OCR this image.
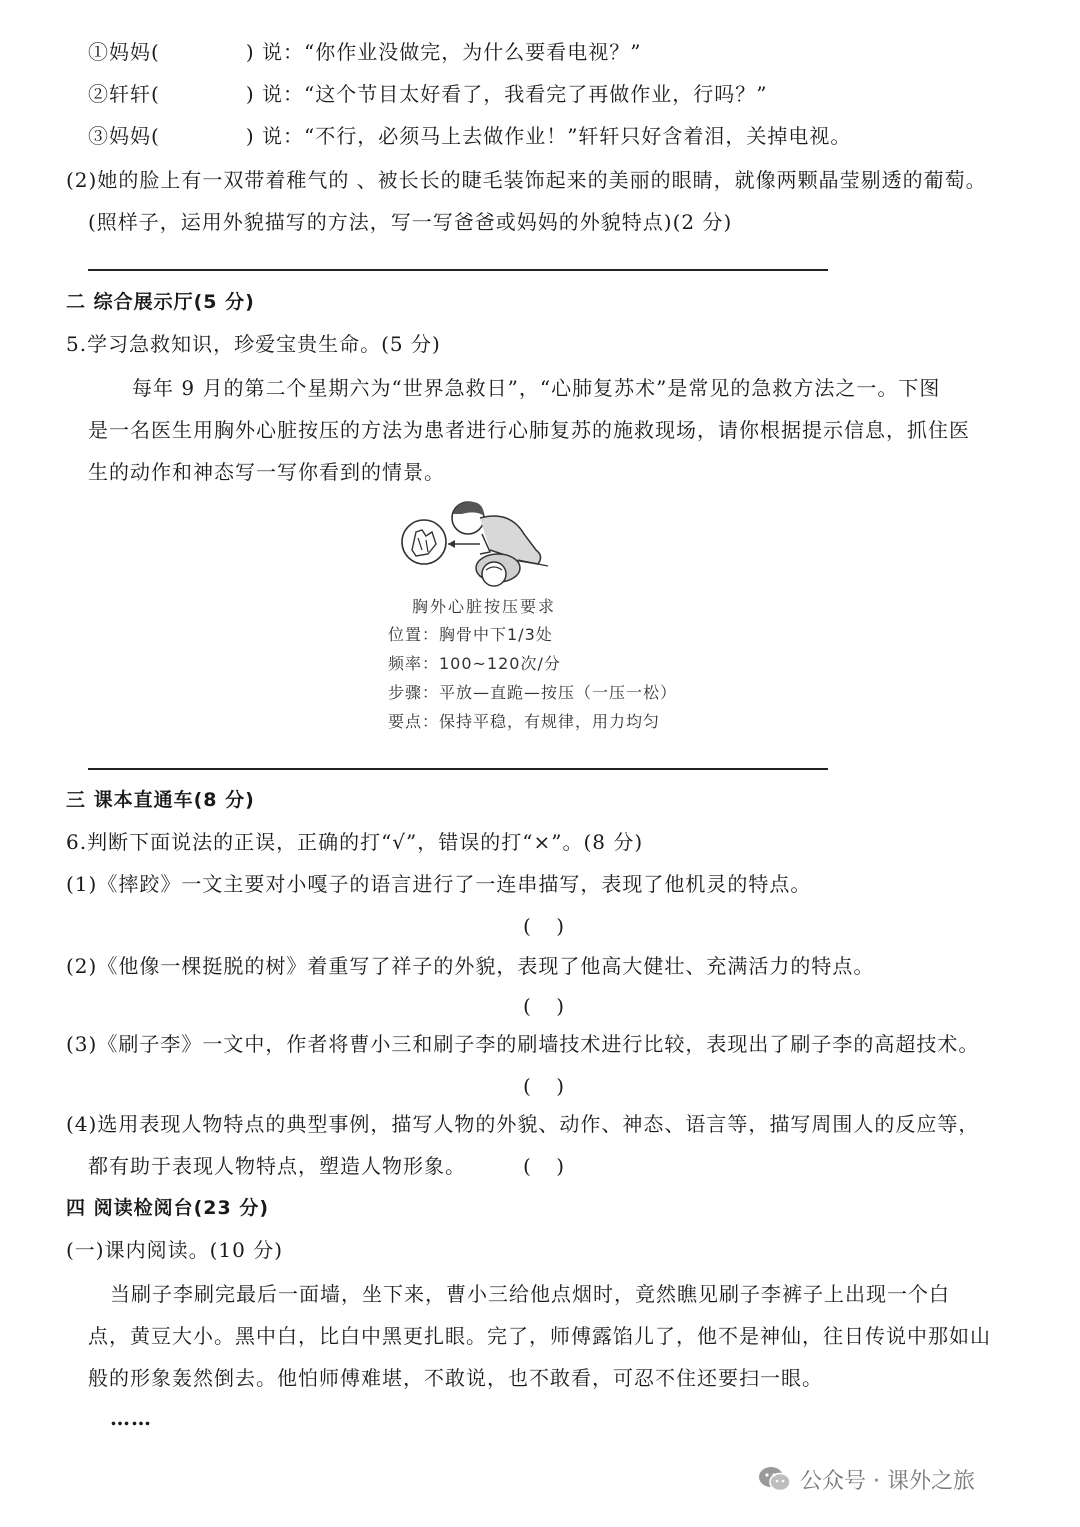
①妈妈(	) 说：“你作业没做完，为什么要看电视？”
②轩轩(	) 说：“这个节目太好看了，我看完了再做作业，行吗？”
③妈妈(	) 说：“不行，必须马上去做作业！”轩轩只好含着泪，关掉电视。
(2)她的脸上有一双带着稚气的 、被长长的睫毛装饰起来的美丽的眼睛，就像两颗晶莹剔透的葡萄。
(照样子，运用外貌描写的方法，写一写爸爸或妈妈的外貌特点)(2 分)
二 综合展示厅(5 分)
5.学习急救知识，珍爱宝贵生命。(5 分)
每年 9 月的第二个星期六为“世界急救日”，“心肺复苏术”是常见的急救方法之一。下图
是一名医生用胸外心脏按压的方法为患者进行心肺复苏的施救现场，请你根据提示信息，抓住医
生的动作和神态写一写你看到的情景。
胸外心脏按压要求
位置：胸骨中下1/3处
频率：100~120次/分
步骤：平放—直跪—按压（一压一松）
要点：保持平稳，有规律，用力均匀
三 课本直通车(8 分)
6.判断下面说法的正误，正确的打“√”，错误的打“×”。(8 分)
(1)《摔跤》一文主要对小嘎子的语言进行了一连串描写，表现了他机灵的特点。
(    )
(2)《他像一棵挺脱的树》着重写了祥子的外貌，表现了他高大健壮、充满活力的特点。
(    )
(3)《刷子李》一文中，作者将曹小三和刷子李的刷墙技术进行比较，表现出了刷子李的高超技术。
(    )
(4)选用表现人物特点的典型事例，描写人物的外貌、动作、神态、语言等，描写周围人的反应等，
都有助于表现人物特点，塑造人物形象。	(    )
四 阅读检阅台(23 分)
(一)课内阅读。(10 分)
当刷子李刷完最后一面墙，坐下来，曹小三给他点烟时，竟然瞧见刷子李裤子上出现一个白
点，黄豆大小。黑中白，比白中黑更扎眼。完了，师傅露馅儿了，他不是神仙，往日传说中那如山
般的形象轰然倒去。他怕师傅难堪，不敢说，也不敢看，可忍不住还要扫一眼。
……
公众号 · 课外之旅
